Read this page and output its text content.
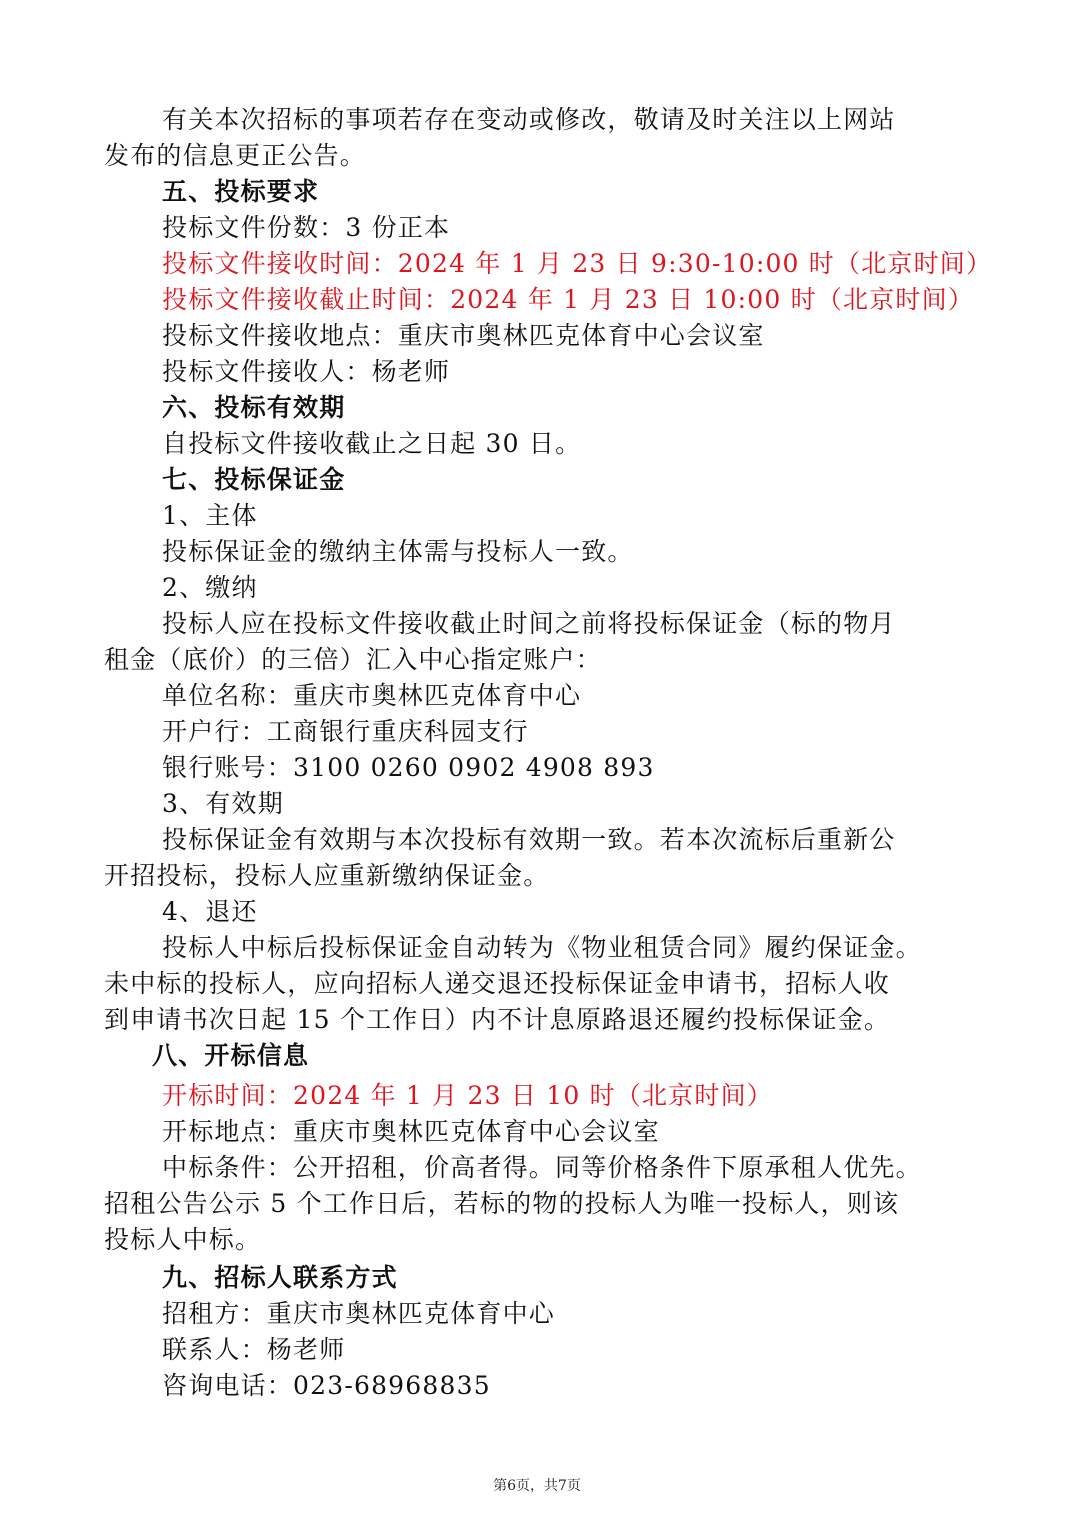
有关本次招标的事项若存在变动或修改，敬请及时关注以上网站
发布的信息更正公告。
五、投标要求
投标文件份数：3 份正本
投标文件接收时间：2024 年 1 月 23 日 9:30-10:00 时（北京时间）
投标文件接收截止时间：2024 年 1 月 23 日 10:00 时（北京时间）
投标文件接收地点：重庆市奥林匹克体育中心会议室
投标文件接收人：杨老师
六、投标有效期
自投标文件接收截止之日起 30 日。
七、投标保证金
1、主体
投标保证金的缴纳主体需与投标人一致。
2、缴纳
投标人应在投标文件接收截止时间之前将投标保证金（标的物月
租金（底价）的三倍）汇入中心指定账户：
单位名称：重庆市奥林匹克体育中心
开户行：工商银行重庆科园支行
银行账号：3100 0260 0902 4908 893
3、有效期
投标保证金有效期与本次投标有效期一致。若本次流标后重新公
开招投标，投标人应重新缴纳保证金。
4、退还
投标人中标后投标保证金自动转为《物业租赁合同》履约保证金。
未中标的投标人，应向招标人递交退还投标保证金申请书，招标人收
到申请书次日起 15 个工作日）内不计息原路退还履约投标保证金。
八、开标信息
开标时间：2024 年 1 月 23 日 10 时（北京时间）
开标地点：重庆市奥林匹克体育中心会议室
中标条件：公开招租，价高者得。同等价格条件下原承租人优先。
招租公告公示 5 个工作日后，若标的物的投标人为唯一投标人，则该
投标人中标。
九、招标人联系方式
招租方：重庆市奥林匹克体育中心
联系人：杨老师
咨询电话：023-68968835
第6页，共7页
